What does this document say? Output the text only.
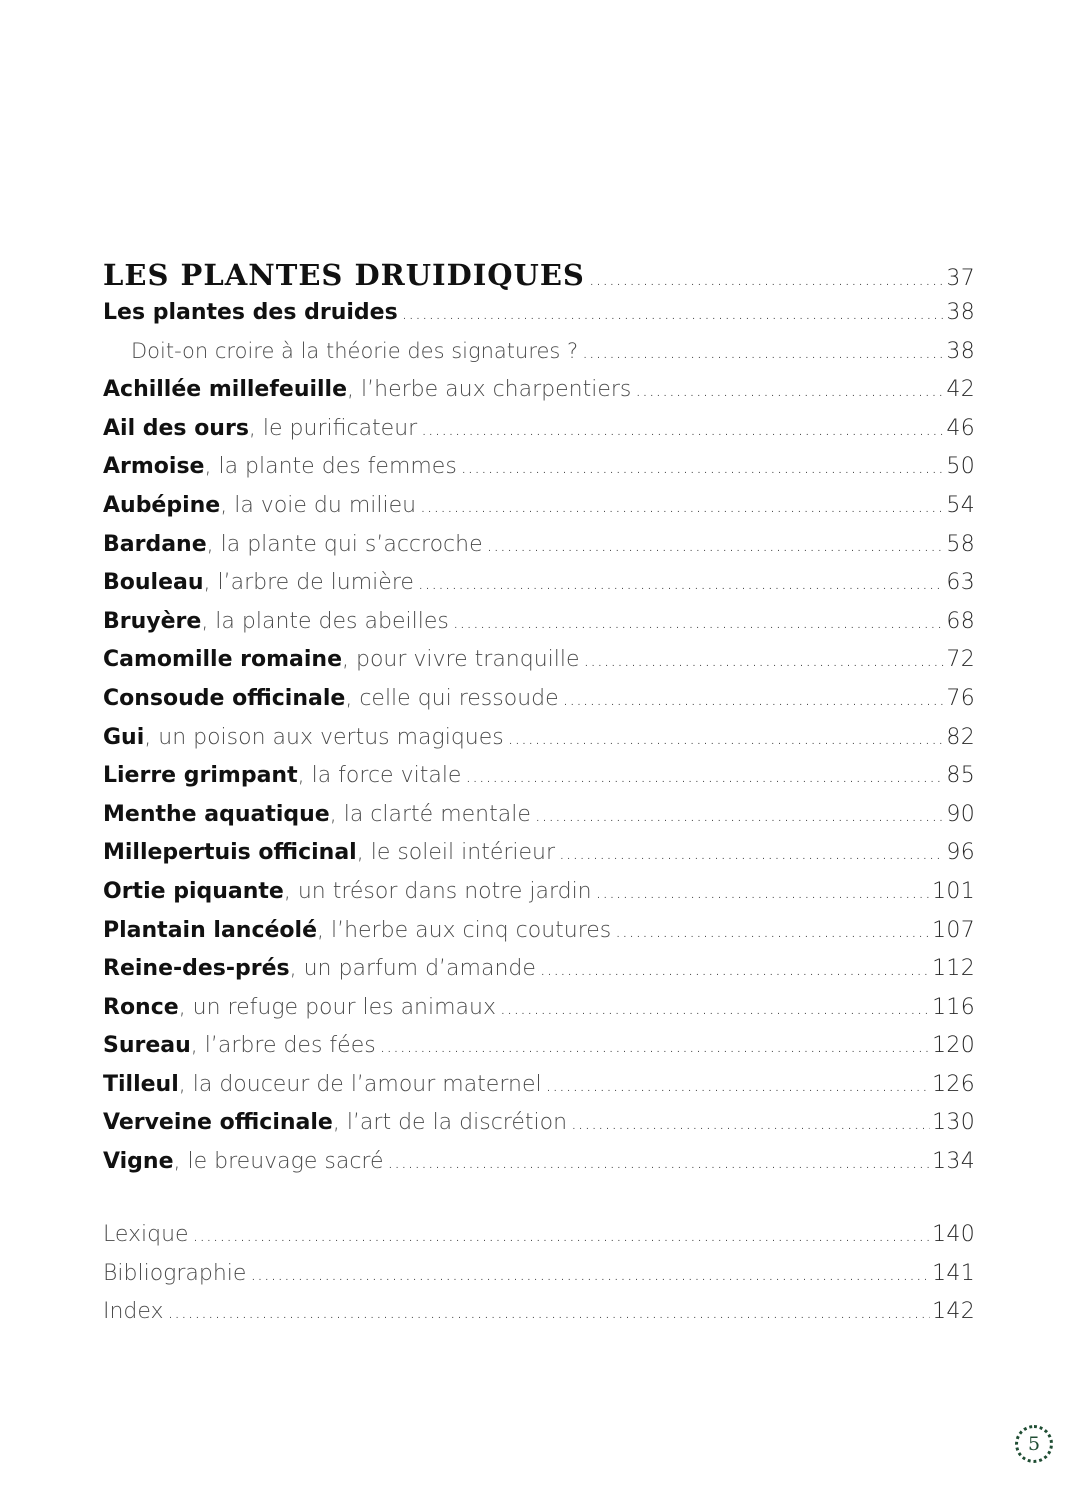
LES PLANTES DRUIDIQUES .....	37
Les plantes des druides .....	38
Doit-on croire à la théorie des signatures ? .....	38
Achillée millefeuille, l’herbe aux charpentiers .....	42
Ail des ours, le purificateur .....	46
Armoise, la plante des femmes .....	50
Aubépine, la voie du milieu .....	54
Bardane, la plante qui s’accroche .....	58
Bouleau, l’arbre de lumière .....	63
Bruyère, la plante des abeilles .....	68
Camomille romaine, pour vivre tranquille .....	72
Consoude officinale, celle qui ressoude .....	76
Gui, un poison aux vertus magiques .....	82
Lierre grimpant, la force vitale .....	85
Menthe aquatique, la clarté mentale .....	90
Millepertuis officinal, le soleil intérieur .....	96
Ortie piquante, un trésor dans notre jardin .....	101
Plantain lancéolé, l’herbe aux cinq coutures .....	107
Reine-des-prés, un parfum d’amande .....	112
Ronce, un refuge pour les animaux .....	116
Sureau, l’arbre des fées .....	120
Tilleul, la douceur de l’amour maternel .....	126
Verveine officinale, l’art de la discrétion .....	130
Vigne, le breuvage sacré .....	134
Lexique .....	140
Bibliographie .....	141
Index .....	142
5
